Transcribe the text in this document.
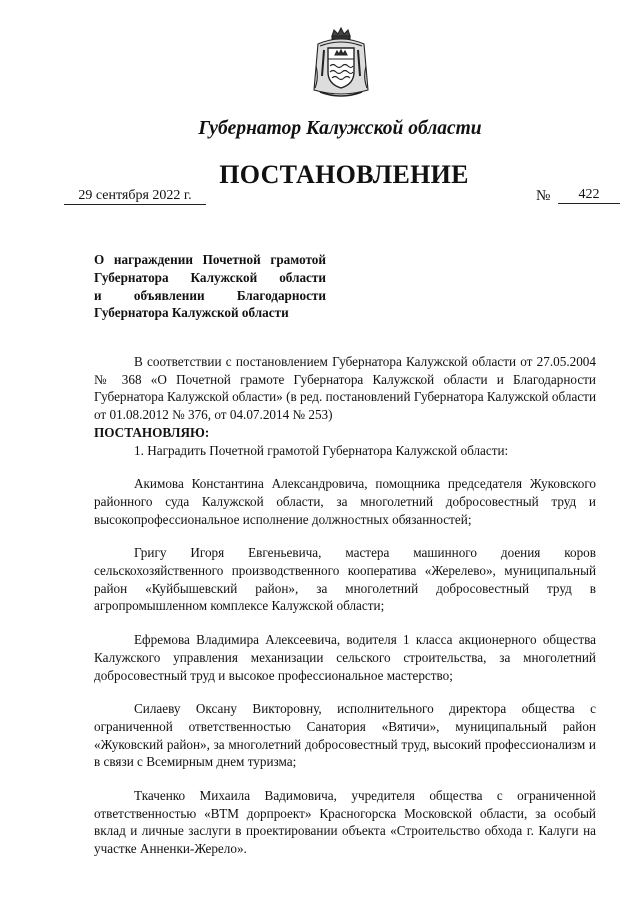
Губернатор Калужской области
ПОСТАНОВЛЕНИЕ
29 сентября 2022 г.	№	422
О награждении Почетной грамотой
Губернатора Калужской области
и объявлении Благодарности
Губернатора Калужской области

В соответствии с постановлением Губернатора Калужской области от 27.05.2004 № 368 «О Почетной грамоте Губернатора Калужской области и Благодарности Губернатора Калужской области» (в ред. постановлений Губернатора Калужской области от 01.08.2012 № 376, от 04.07.2014 № 253)

ПОСТАНОВЛЯЮ:

1. Наградить Почетной грамотой Губернатора Калужской области:

Акимова Константина Александровича, помощника председателя Жуковского районного суда Калужской области, за многолетний добросовестный труд и высокопрофессиональное исполнение должностных обязанностей;

Григу Игоря Евгеньевича, мастера машинного доения коров сельскохозяйственного производственного кооператива «Жерелево», муниципальный район «Куйбышевский район», за многолетний добросовестный труд в агропромышленном комплексе Калужской области;

Ефремова Владимира Алексеевича, водителя 1 класса акционерного общества Калужского управления механизации сельского строительства, за многолетний добросовестный труд и высокое профессиональное мастерство;

Силаеву Оксану Викторовну, исполнительного директора общества с ограниченной ответственностью Санатория «Вятичи», муниципальный район «Жуковский район», за многолетний добросовестный труд, высокий профессионализм и в связи с Всемирным днем туризма;

Ткаченко Михаила Вадимовича, учредителя общества с ограниченной ответственностью «ВТМ дорпроект» Красногорска Московской области, за особый вклад и личные заслуги в проектировании объекта «Строительство обхода г. Калуги на участке Анненки-Жерело».
